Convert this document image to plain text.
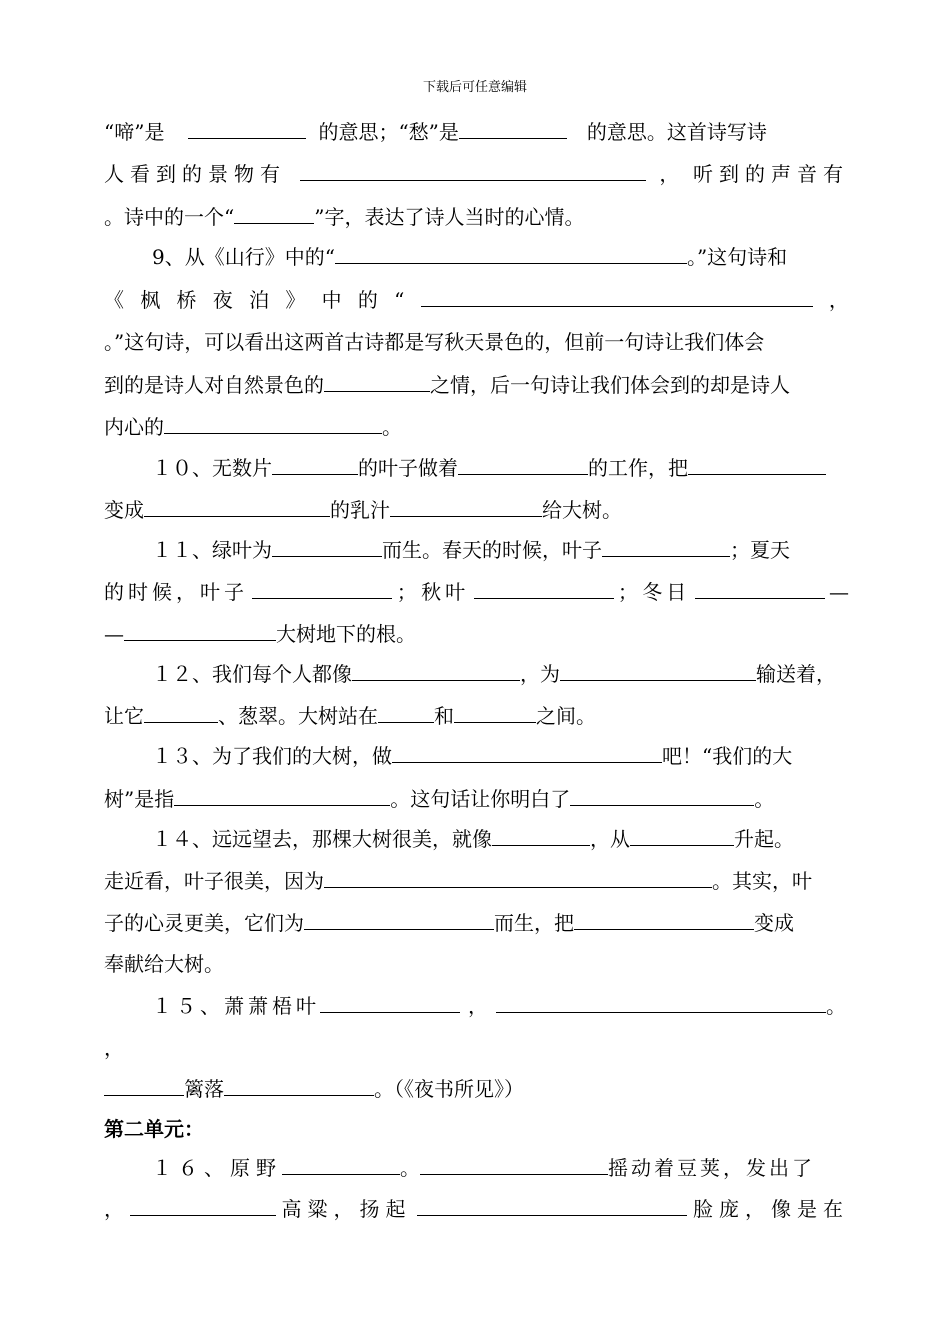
下载后可任意编辑
“啼”是	的意思；“愁”是	的意思。这首诗写诗
人看到的景物有	， 听到的声音有
。诗中的一个“	”字，表达了诗人当时的心情。
9、从《山行》中的“	。”这句诗和
《 枫 桥 夜 泊 》 中 的 “	，
。”这句诗，可以看出这两首古诗都是写秋天景色的，但前一句诗让我们体会
到的是诗人对自然景色的	之情，后一句诗让我们体会到的却是诗人
内心的	。
１０、无数片	的叶子做着	的工作，把
变成	的乳汁	给大树。
１１、绿叶为	而生。春天的时候，叶子	；夏天
的时候，叶子	； 秋叶	； 冬日	—
—	大树地下的根。
１２、我们每个人都像	，为	输送着，
让它	、葱翠。大树站在	和	之间。
１３、为了我们的大树，做	吧！“我们的大
树”是指	。这句话让你明白了	。
１４、远远望去，那棵大树很美，就像	，从	升起。
走近看，叶子很美，因为	。其实，叶
子的心灵更美，它们为	而生，把	变成
奉献给大树。
１５、萧萧梧叶	，	。
，
篱落	。（《夜书所见》）
第二单元：
１６、原野	。	摇动着豆荚，发出了
，	高粱，扬起	脸庞，像是在
